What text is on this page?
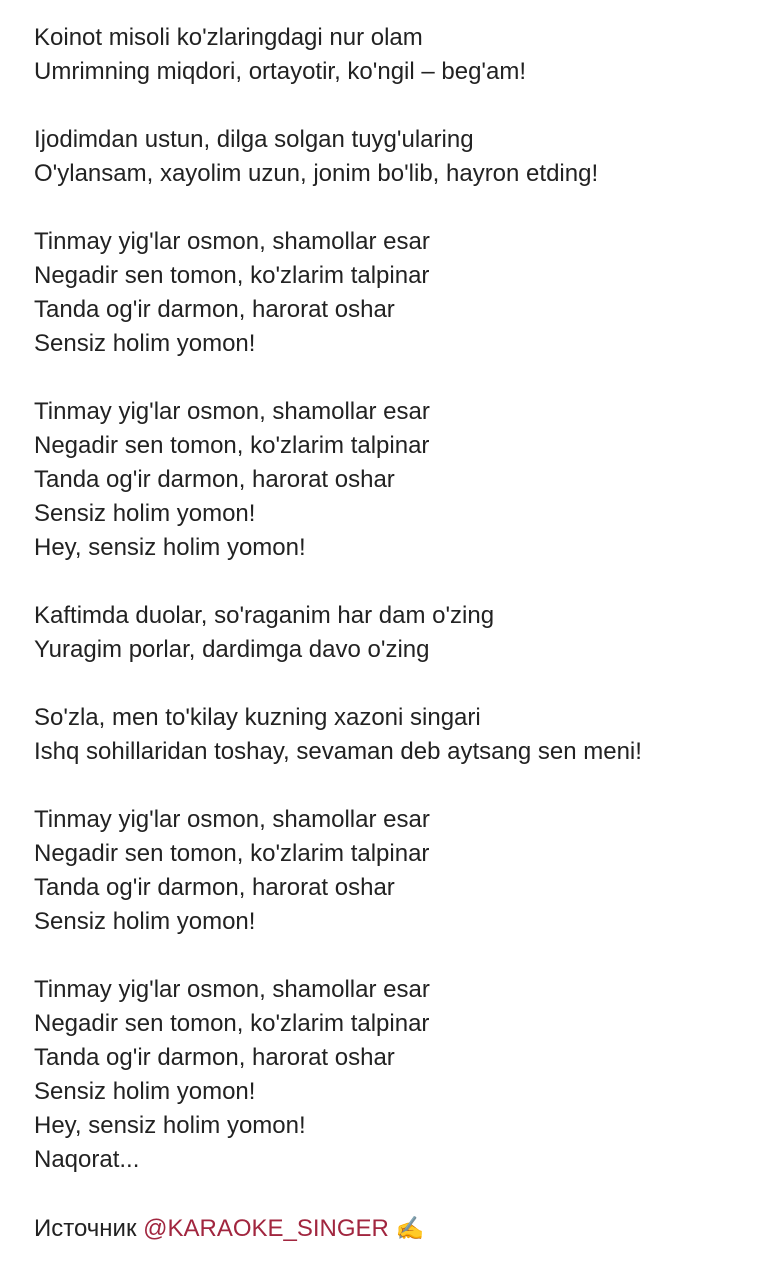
Koinot misoli ko'zlaringdagi nur olam
Umrimning miqdori, ortayotir, ko'ngil – beg'am!
Ijodimdan ustun, dilga solgan tuyg'ularing
O'ylansam, xayolim uzun, jonim bo'lib, hayron etding!
Tinmay yig'lar osmon, shamollar esar
Negadir sen tomon, ko'zlarim talpinar
Tanda og'ir darmon, harorat oshar
Sensiz holim yomon!
Tinmay yig'lar osmon, shamollar esar
Negadir sen tomon, ko'zlarim talpinar
Tanda og'ir darmon, harorat oshar
Sensiz holim yomon!
Hey, sensiz holim yomon!
Kaftimda duolar, so'raganim har dam o'zing
Yuragim porlar, dardimga davo o'zing
So'zla, men to'kilay kuzning xazoni singari
Ishq sohillaridan toshay, sevaman deb aytsang sen meni!
Tinmay yig'lar osmon, shamollar esar
Negadir sen tomon, ko'zlarim talpinar
Tanda og'ir darmon, harorat oshar
Sensiz holim yomon!
Tinmay yig'lar osmon, shamollar esar
Negadir sen tomon, ko'zlarim talpinar
Tanda og'ir darmon, harorat oshar
Sensiz holim yomon!
Hey, sensiz holim yomon!
Naqorat...
Источник @KARAOKE_SINGER ✍️
